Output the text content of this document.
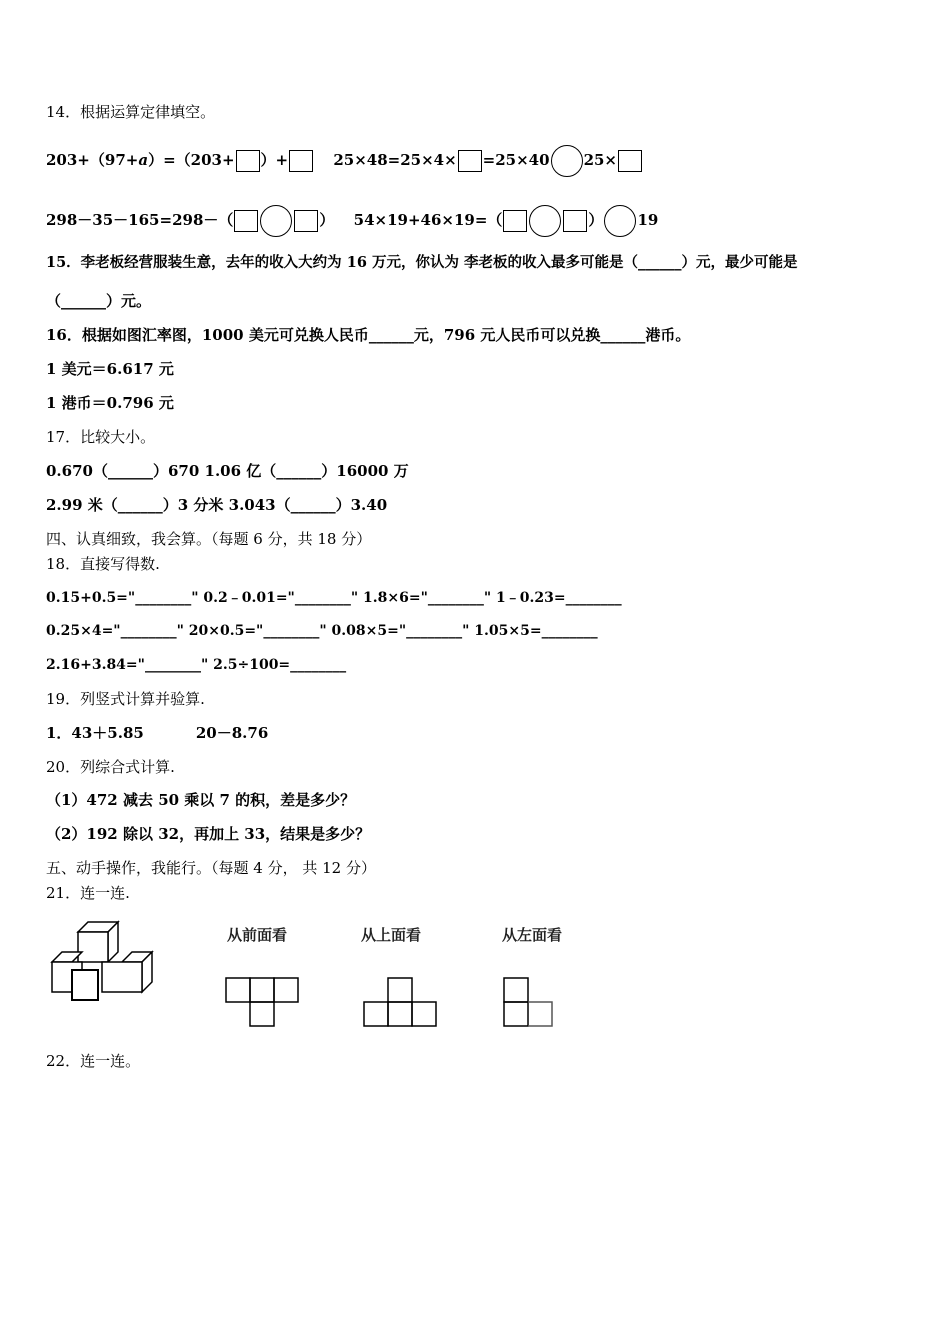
14．根据运算定律填空。
203+（97+a）=（203+ ）+	25×48=25×4× =25×40 25×
298－35－165=298－（	） 54×19+46×19=（	） 19
15．李老板经营服装生意，去年的收入大约为 16 万元，你认为 李老板的收入最多可能是（______）元，最少可能是
（______）元。
16．根据如图汇率图，1000 美元可兑换人民币______元，796 元人民币可以兑换______港币。
1 美元＝6.617 元
1 港币＝0.796 元
17．比较大小。
0.670（______）670 1.06 亿（______）16000 万
2.99 米（______）3 分米 3.043（______）3.40
四、认真细致，我会算。（每题 6 分，共 18 分）
18．直接写得数.
0.15+0.5="________" 0.2﹣0.01="________" 1.8×6="________" 1﹣0.23=________
0.25×4="________" 20×0.5="________" 0.08×5="________" 1.05×5=________
2.16+3.84="________" 2.5÷100=________
19．列竖式计算并验算.
1．43＋5.85	20－8.76
20．列综合式计算.
（1）472 减去 50 乘以 7 的积，差是多少？
（2）192 除以 32，再加上 33，结果是多少？
五、动手操作，我能行。（每题 4 分， 共 12 分）
21．连一连.
从前面看	从上面看	从左面看
22．连一连。
